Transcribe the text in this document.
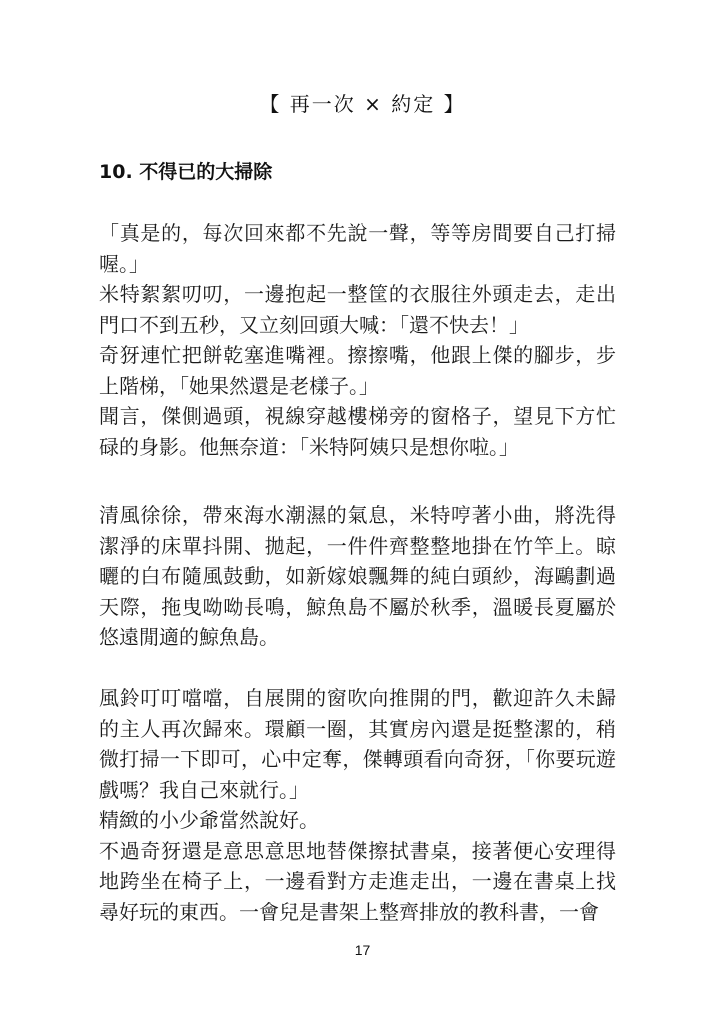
【 再一次 × 約定 】
10. 不得已的大掃除

「真是的，每次回來都不先說一聲，等等房間要自己打掃喔。」

米特絮絮叨叨，一邊抱起一整筐的衣服往外頭走去，走出門口不到五秒，又立刻回頭大喊：「還不快去！」

奇犽連忙把餅乾塞進嘴裡。擦擦嘴，他跟上傑的腳步，步上階梯，「她果然還是老樣子。」

聞言，傑側過頭，視線穿越樓梯旁的窗格子，望見下方忙碌的身影。他無奈道：「米特阿姨只是想你啦。」

清風徐徐，帶來海水潮濕的氣息，米特哼著小曲，將洗得潔淨的床單抖開、拋起，一件件齊整整地掛在竹竿上。晾曬的白布隨風鼓動，如新嫁娘飄舞的純白頭紗，海鷗劃過天際，拖曳呦呦長鳴，鯨魚島不屬於秋季，溫暖長夏屬於悠遠閒適的鯨魚島。

風鈴叮叮噹噹，自展開的窗吹向推開的門，歡迎許久未歸的主人再次歸來。環顧一圈，其實房內還是挺整潔的，稍微打掃一下即可，心中定奪，傑轉頭看向奇犽，「你要玩遊戲嗎？我自己來就行。」

精緻的小少爺當然說好。

不過奇犽還是意思意思地替傑擦拭書桌，接著便心安理得地跨坐在椅子上，一邊看對方走進走出，一邊在書桌上找尋好玩的東西。一會兒是書架上整齊排放的教科書，一會

17
